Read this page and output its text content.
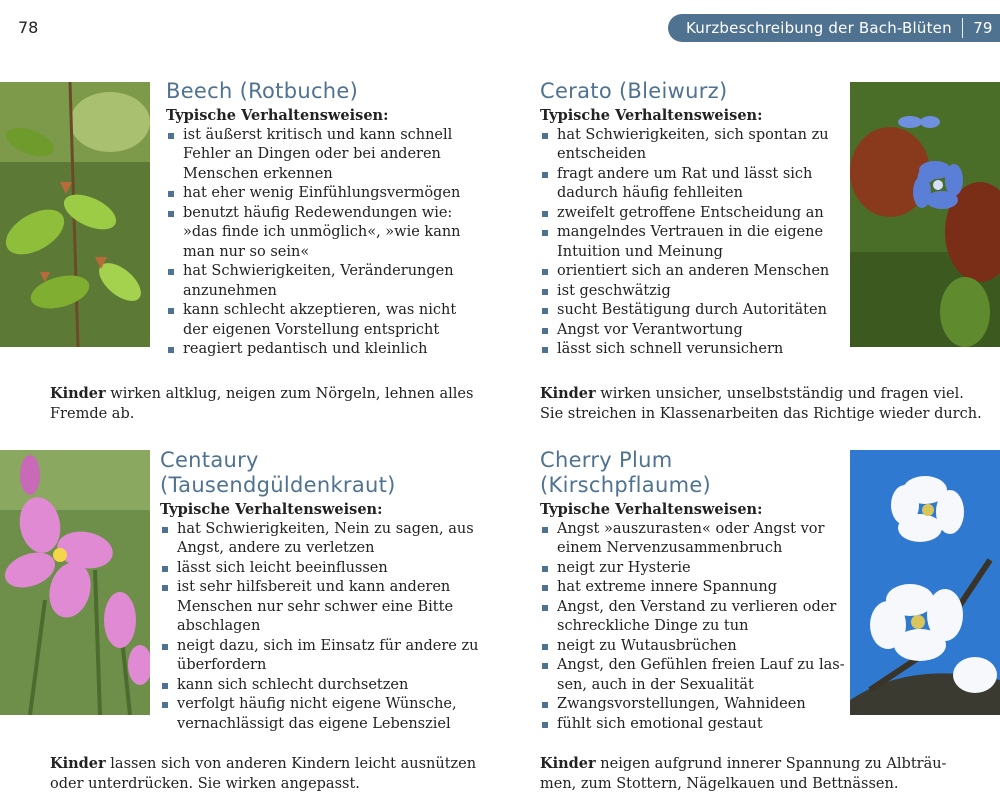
78	Kurzbeschreibung der Bach-Blüten 79
Beech (Rotbuche)
Typische Verhaltensweisen:
ist äußerst kritisch und kann schnell
Fehler an Dingen oder bei anderen
Menschen erkennen
hat eher wenig Einfühlungsvermögen
benutzt häufig Redewendungen wie:
»das finde ich unmöglich«, »wie kann
man nur so sein«
hat Schwierigkeiten, Veränderungen
anzunehmen
kann schlecht akzeptieren, was nicht
der eigenen Vorstellung entspricht
reagiert pedantisch und kleinlich
Kinder wirken altklug, neigen zum Nörgeln, lehnen alles
Fremde ab.
Cerato (Bleiwurz)
Typische Verhaltensweisen:
hat Schwierigkeiten, sich spontan zu
entscheiden
fragt andere um Rat und lässt sich
dadurch häufig fehlleiten
zweifelt getroffene Entscheidung an
mangelndes Vertrauen in die eigene
Intuition und Meinung
orientiert sich an anderen Menschen
ist geschwätzig
sucht Bestätigung durch Autoritäten
Angst vor Verantwortung
lässt sich schnell verunsichern
Kinder wirken unsicher, unselbstständig und fragen viel.
Sie streichen in Klassenarbeiten das Richtige wieder durch.
Centaury
(Tausendgüldenkraut)
Typische Verhaltensweisen:
hat Schwierigkeiten, Nein zu sagen, aus
Angst, andere zu verletzen
lässt sich leicht beeinflussen
ist sehr hilfsbereit und kann anderen
Menschen nur sehr schwer eine Bitte
abschlagen
neigt dazu, sich im Einsatz für andere zu
überfordern
kann sich schlecht durchsetzen
verfolgt häufig nicht eigene Wünsche,
vernachlässigt das eigene Lebensziel
Kinder lassen sich von anderen Kindern leicht ausnützen
oder unterdrücken. Sie wirken angepasst.
Cherry Plum
(Kirschpflaume)
Typische Verhaltensweisen:
Angst »auszurasten« oder Angst vor
einem Nervenzusammenbruch
neigt zur Hysterie
hat extreme innere Spannung
Angst, den Verstand zu verlieren oder
schreckliche Dinge zu tun
neigt zu Wutausbrüchen
Angst, den Gefühlen freien Lauf zu las-
sen, auch in der Sexualität
Zwangsvorstellungen, Wahnideen
fühlt sich emotional gestaut
Kinder neigen aufgrund innerer Spannung zu Albträu-
men, zum Stottern, Nägelkauen und Bettnässen.
